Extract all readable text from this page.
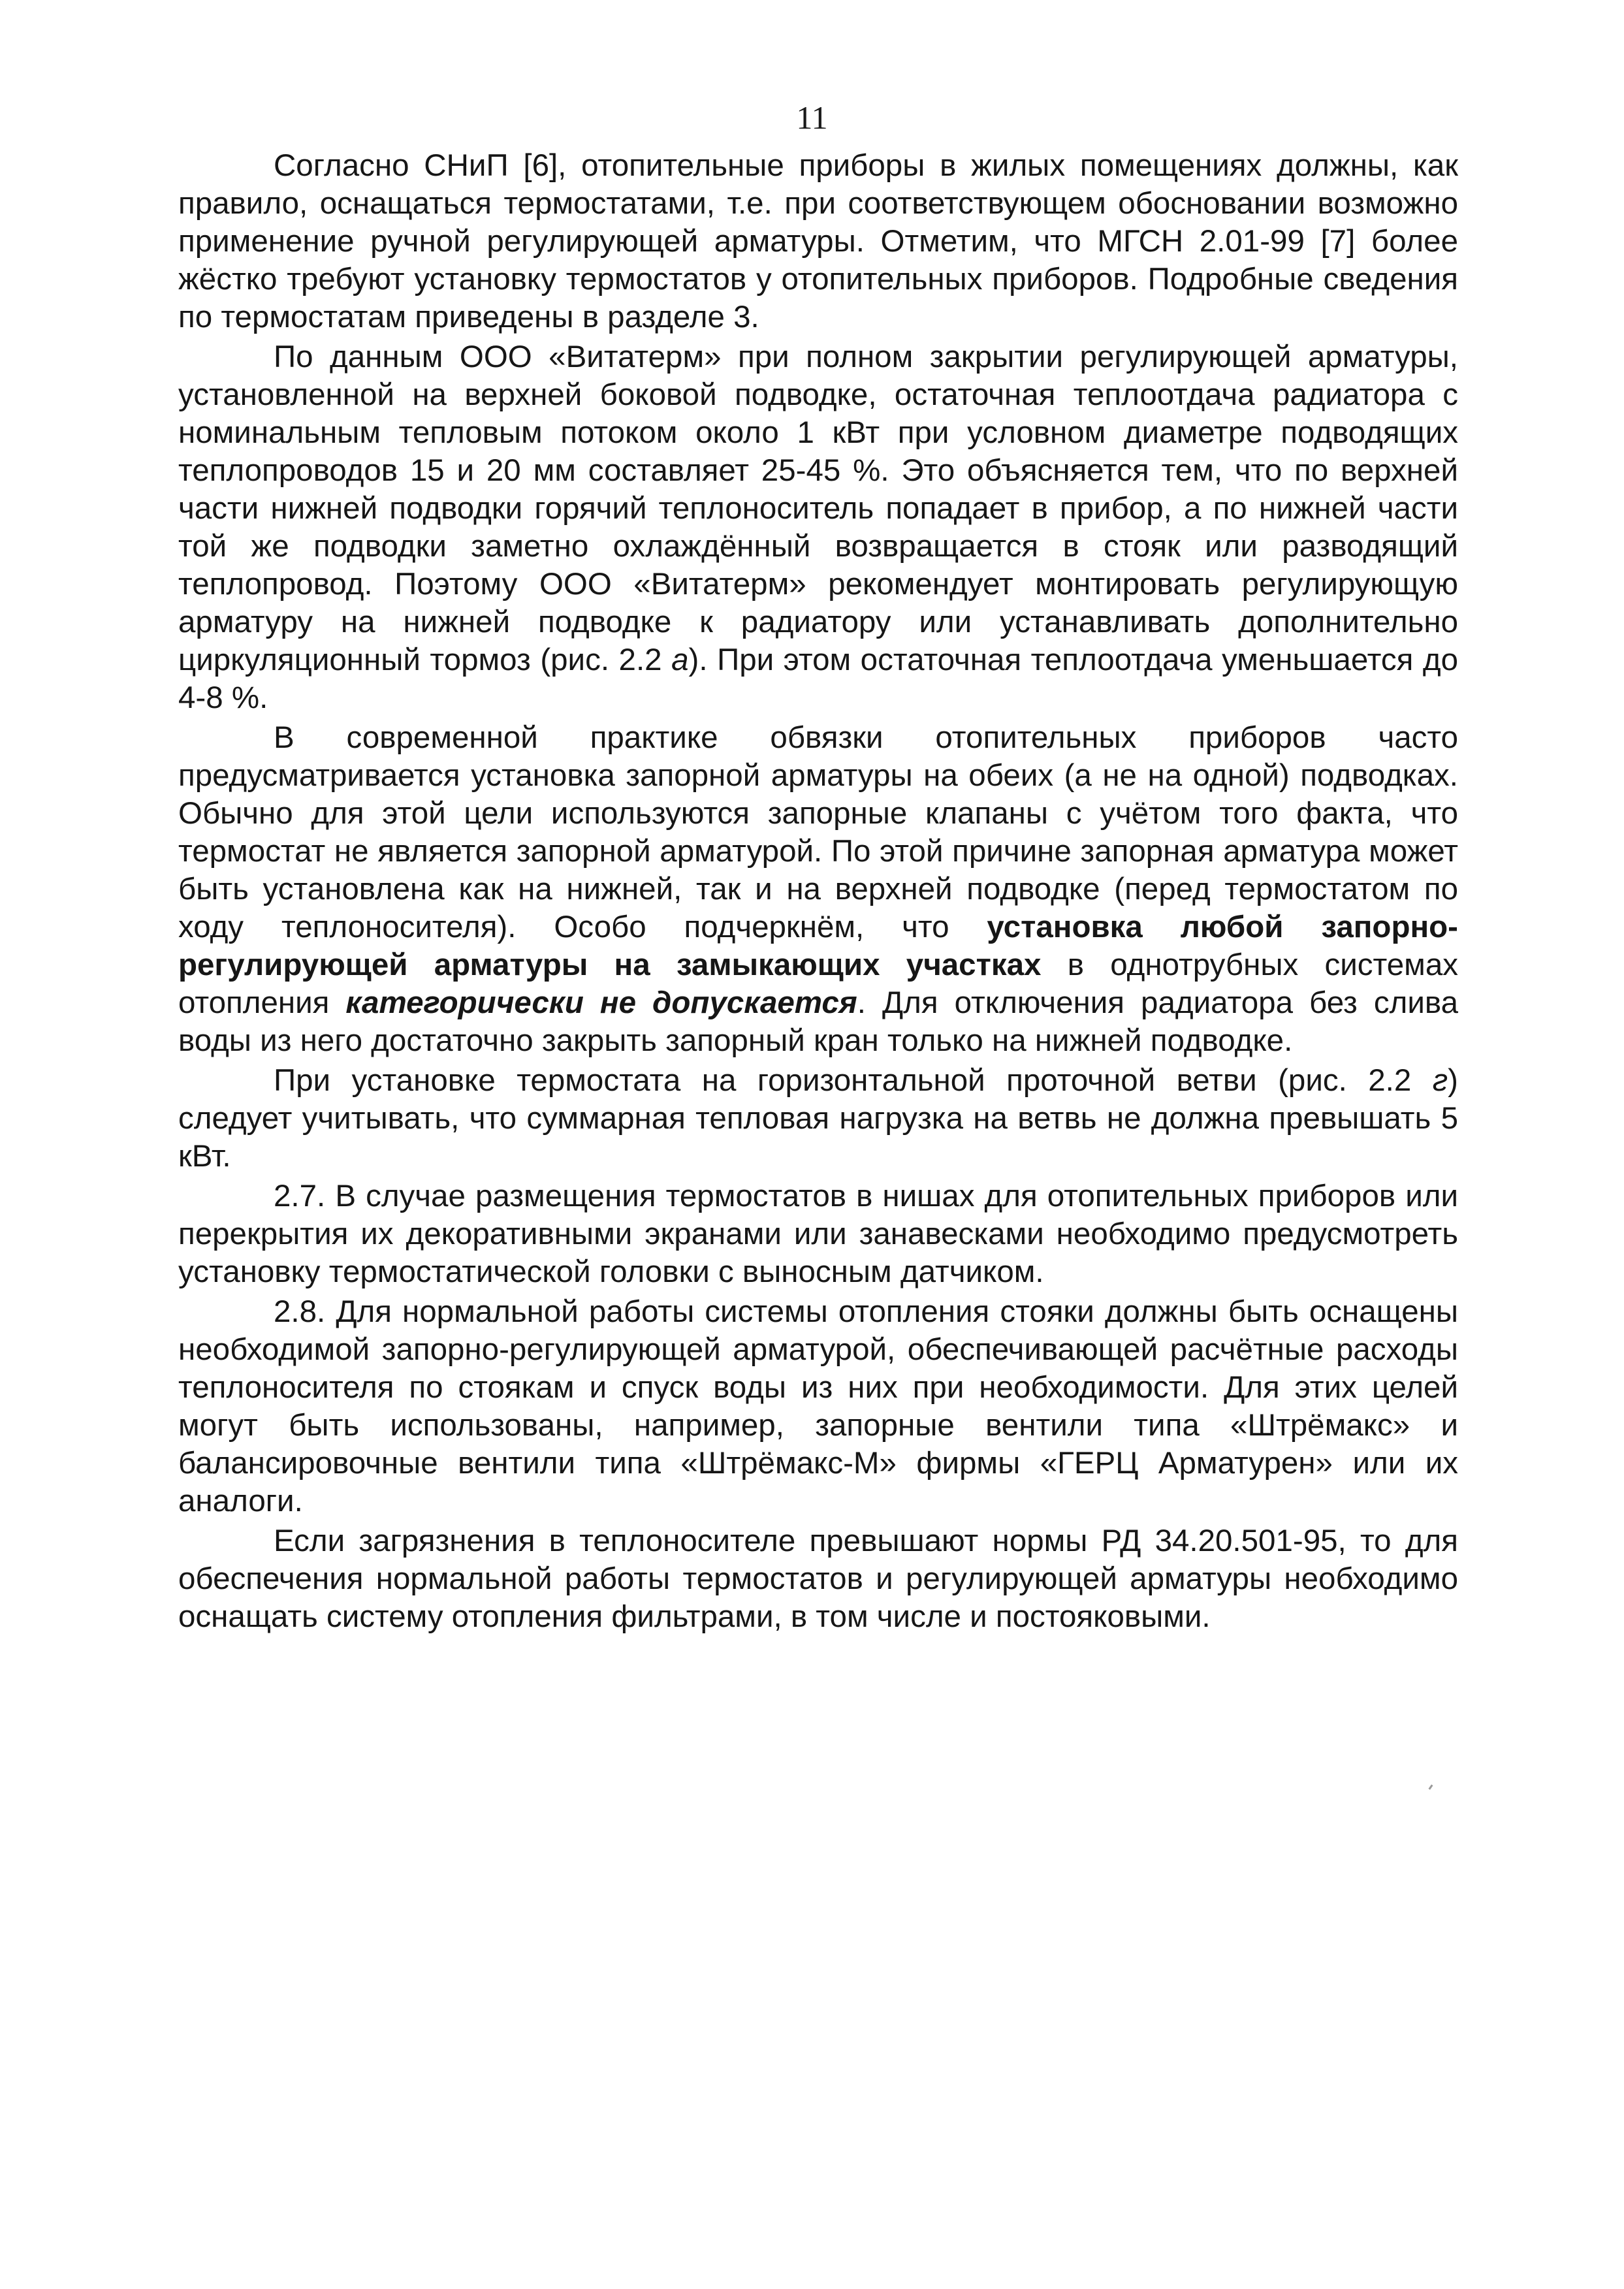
11

Согласно СНиП [6], отопительные приборы в жилых помещениях должны, как правило, оснащаться термостатами, т.е. при соответствующем обосновании возможно применение ручной регулирующей арматуры. Отметим, что МГСН 2.01-99 [7] более жёстко требуют установку термостатов у отопительных приборов. Подробные сведения по термостатам приведены в разделе 3.

По данным ООО «Витатерм» при полном закрытии регулирующей арматуры, установленной на верхней боковой подводке, остаточная теплоотдача радиатора с номинальным тепловым потоком около 1 кВт при условном диаметре подводящих теплопроводов 15 и 20 мм составляет 25-45 %. Это объясняется тем, что по верхней части нижней подводки горячий теплоноситель попадает в прибор, а по нижней части той же подводки заметно охлаждённый возвращается в стояк или разводящий теплопровод. Поэтому ООО «Витатерм» рекомендует монтировать регулирующую арматуру на нижней подводке к радиатору или устанавливать дополнительно циркуляционный тормоз (рис. 2.2 а). При этом остаточная теплоотдача уменьшается до 4-8 %.

В современной практике обвязки отопительных приборов часто предусматривается установка запорной арматуры на обеих (а не на одной) подводках. Обычно для этой цели используются запорные клапаны с учётом того факта, что термостат не является запорной арматурой. По этой причине запорная арматура может быть установлена как на нижней, так и на верхней подводке (перед термостатом по ходу теплоносителя). Особо подчеркнём, что установка любой запорно-регулирующей арматуры на замыкающих участках в однотрубных системах отопления категорически не допускается. Для отключения радиатора без слива воды из него достаточно закрыть запорный кран только на нижней подводке.

При установке термостата на горизонтальной проточной ветви (рис. 2.2 г) следует учитывать, что суммарная тепловая нагрузка на ветвь не должна превышать 5 кВт.

2.7. В случае размещения термостатов в нишах для отопительных приборов или перекрытия их декоративными экранами или занавесками необходимо предусмотреть установку термостатической головки с выносным датчиком.

2.8. Для нормальной работы системы отопления стояки должны быть оснащены необходимой запорно-регулирующей арматурой, обеспечивающей расчётные расходы теплоносителя по стоякам и спуск воды из них при необходимости. Для этих целей могут быть использованы, например, запорные вентили типа «Штрёмакс» и балансировочные вентили типа «Штрёмакс-М» фирмы «ГЕРЦ Арматурен» или их аналоги.

Если загрязнения в теплоносителе превышают нормы РД 34.20.501-95, то для обеспечения нормальной работы термостатов и регулирующей арматуры необходимо оснащать систему отопления фильтрами, в том числе и постояковыми.
